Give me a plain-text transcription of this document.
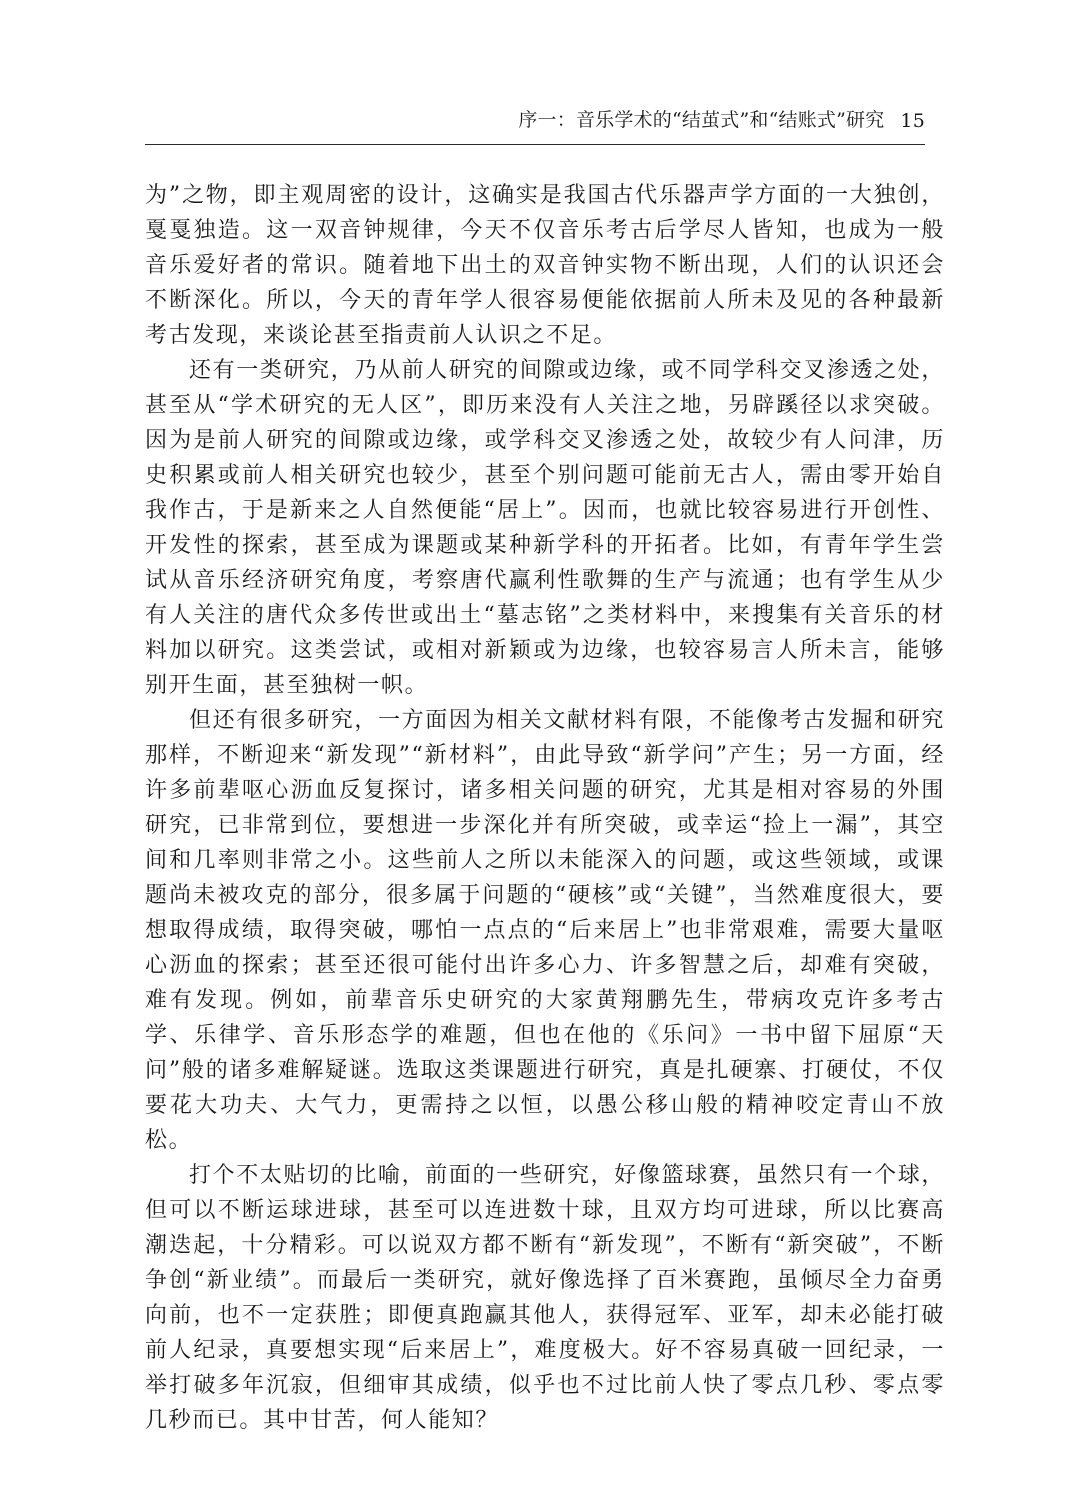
序一：音乐学术的“结茧式”和“结账式”研究 15

为”之物，即主观周密的设计，这确实是我国古代乐器声学方面的一大独创，戛戛独造。这一双音钟规律，今天不仅音乐考古后学尽人皆知，也成为一般音乐爱好者的常识。随着地下出土的双音钟实物不断出现，人们的认识还会不断深化。所以，今天的青年学人很容易便能依据前人所未及见的各种最新考古发现，来谈论甚至指责前人认识之不足。

还有一类研究，乃从前人研究的间隙或边缘，或不同学科交叉渗透之处，甚至从“学术研究的无人区”，即历来没有人关注之地，另辟蹊径以求突破。因为是前人研究的间隙或边缘，或学科交叉渗透之处，故较少有人问津，历史积累或前人相关研究也较少，甚至个别问题可能前无古人，需由零开始自我作古，于是新来之人自然便能“居上”。因而，也就比较容易进行开创性、开发性的探索，甚至成为课题或某种新学科的开拓者。比如，有青年学生尝试从音乐经济研究角度，考察唐代赢利性歌舞的生产与流通；也有学生从少有人关注的唐代众多传世或出土“墓志铭”之类材料中，来搜集有关音乐的材料加以研究。这类尝试，或相对新颖或为边缘，也较容易言人所未言，能够别开生面，甚至独树一帜。

但还有很多研究，一方面因为相关文献材料有限，不能像考古发掘和研究那样，不断迎来“新发现”“新材料”，由此导致“新学问”产生；另一方面，经许多前辈呕心沥血反复探讨，诸多相关问题的研究，尤其是相对容易的外围研究，已非常到位，要想进一步深化并有所突破，或幸运“捡上一漏”，其空间和几率则非常之小。这些前人之所以未能深入的问题，或这些领域，或课题尚未被攻克的部分，很多属于问题的“硬核”或“关键”，当然难度很大，要想取得成绩，取得突破，哪怕一点点的“后来居上”也非常艰难，需要大量呕心沥血的探索；甚至还很可能付出许多心力、许多智慧之后，却难有突破，难有发现。例如，前辈音乐史研究的大家黄翔鹏先生，带病攻克许多考古学、乐律学、音乐形态学的难题，但也在他的《乐问》一书中留下屈原“天问”般的诸多难解疑谜。选取这类课题进行研究，真是扎硬寨、打硬仗，不仅要花大功夫、大气力，更需持之以恒，以愚公移山般的精神咬定青山不放松。

打个不太贴切的比喻，前面的一些研究，好像篮球赛，虽然只有一个球，但可以不断运球进球，甚至可以连进数十球，且双方均可进球，所以比赛高潮迭起，十分精彩。可以说双方都不断有“新发现”，不断有“新突破”，不断争创“新业绩”。而最后一类研究，就好像选择了百米赛跑，虽倾尽全力奋勇向前，也不一定获胜；即便真跑赢其他人，获得冠军、亚军，却未必能打破前人纪录，真要想实现“后来居上”，难度极大。好不容易真破一回纪录，一举打破多年沉寂，但细审其成绩，似乎也不过比前人快了零点几秒、零点零几秒而已。其中甘苦，何人能知？
